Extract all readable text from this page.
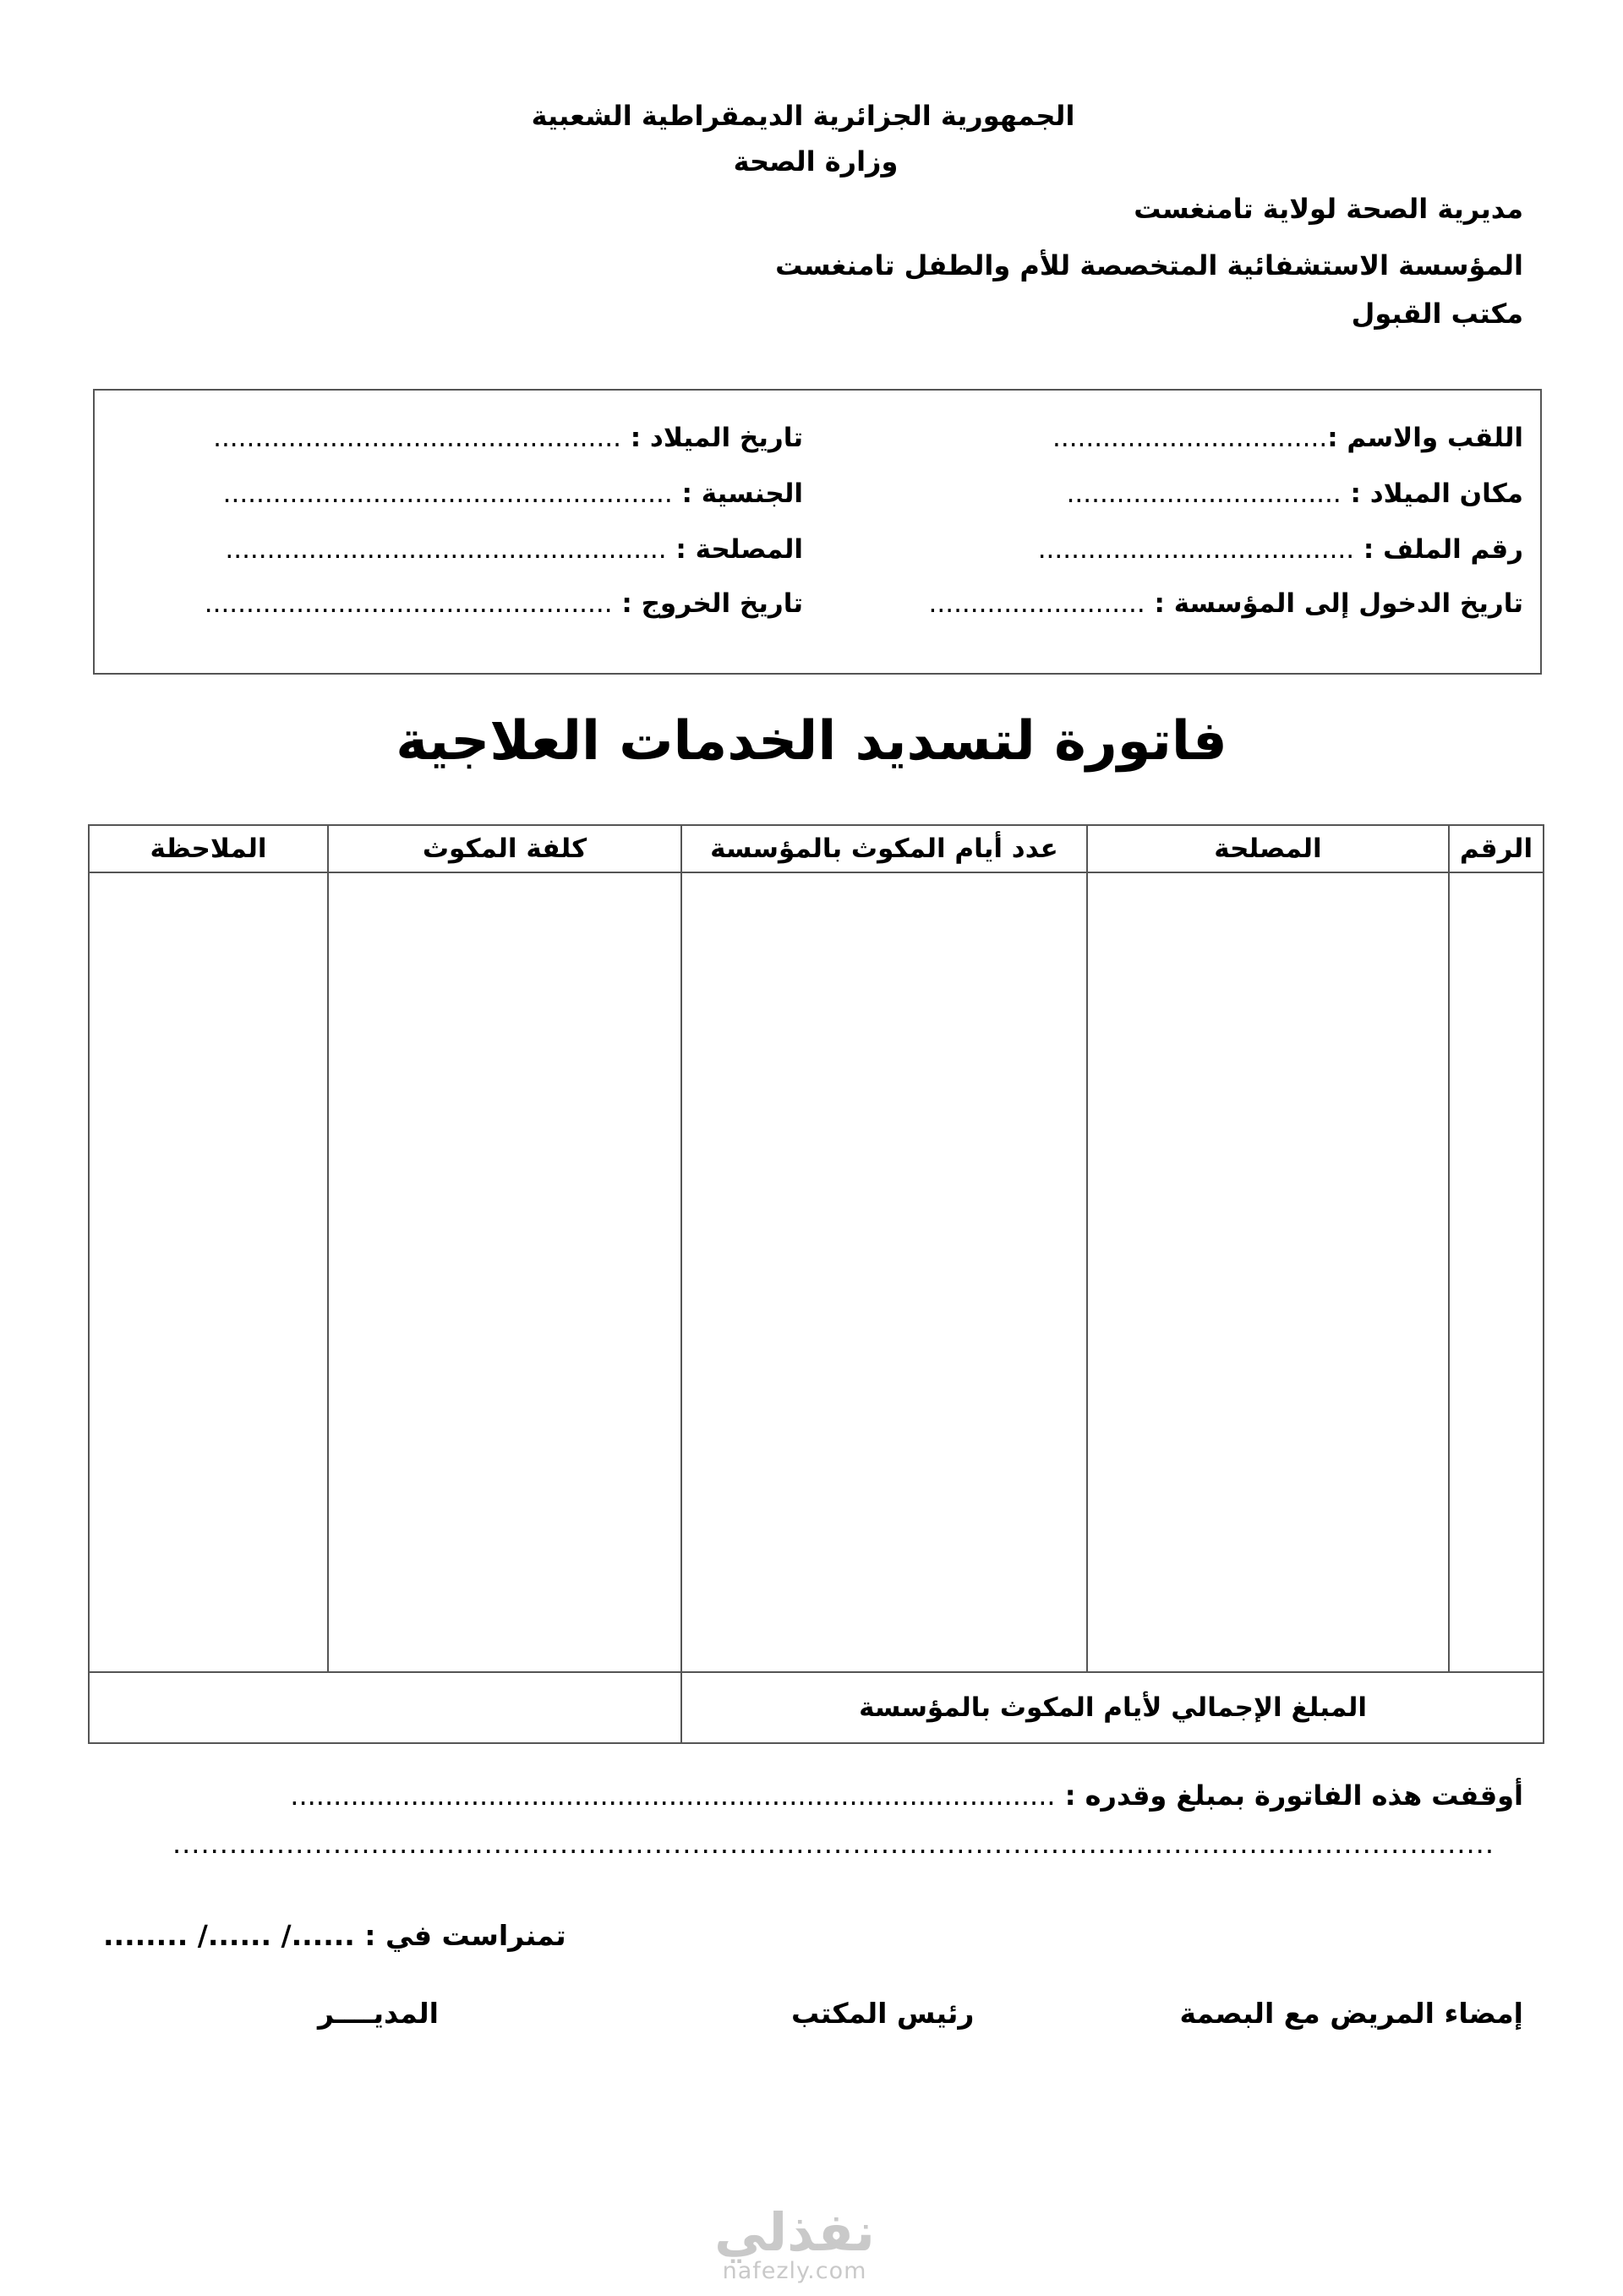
الجمهورية الجزائرية الديمقراطية الشعبية
وزارة الصحة
مديرية الصحة لولاية تامنغست
المؤسسة الاستشفائية المتخصصة للأم والطفل تامنغست
مكتب القبول
اللقب والاسم :.................................
مكان الميلاد : .................................
رقم الملف : ......................................
تاريخ الدخول إلى المؤسسة : ..........................
تاريخ الميلاد : .................................................
الجنسية : ......................................................
المصلحة : .....................................................
تاريخ الخروج : .................................................
فاتورة لتسديد الخدمات العلاجية
الرقم	المصلحة	عدد أيام المكوث بالمؤسسة	كلفة المكوث	الملاحظة

المبلغ الإجمالي لأيام المكوث بالمؤسسة				
أوقفت هذه الفاتورة بمبلغ وقدره : .........................................................................................
............................................................................................................................................
تمنراست في : ....../ ....../ ........
إمضاء المريض مع البصمة
رئيس المكتب
المديــــر
نفذلي
nafezly.com
